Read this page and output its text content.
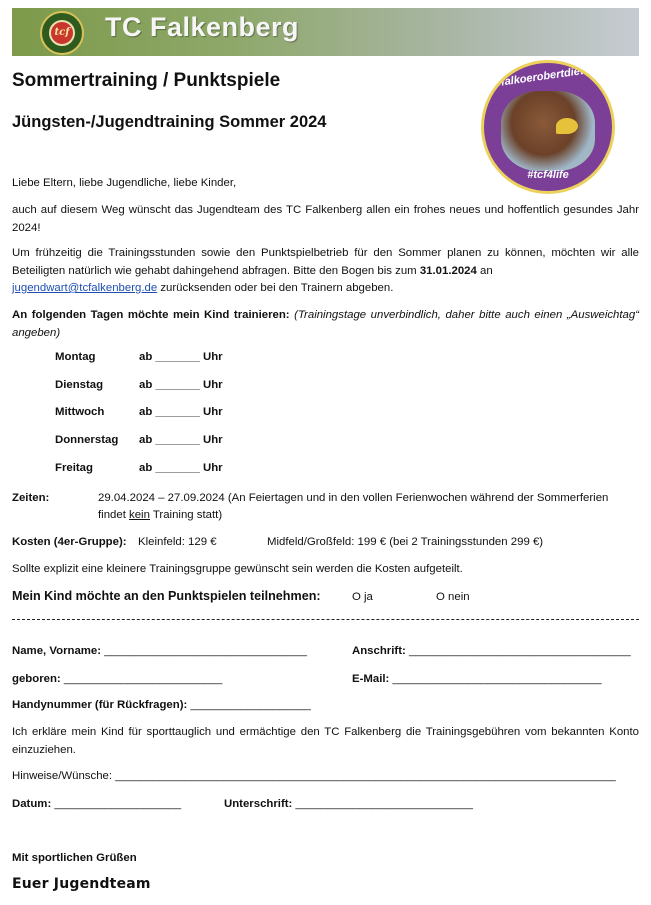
tcf TC Falkenberg
#falkoerobertdiewelt
#tcf4life
Sommertraining / Punktspiele
Jüngsten-/Jugendtraining Sommer 2024
Liebe Eltern, liebe Jugendliche, liebe Kinder,
auch auf diesem Weg wünscht das Jugendteam des TC Falkenberg allen ein frohes neues und hoffentlich gesundes Jahr 2024!
Um frühzeitig die Trainingsstunden sowie den Punktspielbetrieb für den Sommer planen zu können, möchten wir alle Beteiligten natürlich wie gehabt dahingehend abfragen. Bitte den Bogen bis zum 31.01.2024 an
jugendwart@tcfalkenberg.de zurücksenden oder bei den Trainern abgeben.
An folgenden Tagen möchte mein Kind trainieren: (Trainingstage unverbindlich, daher bitte auch einen „Ausweichtag“ angeben)
Montag	ab _______ Uhr
Dienstag	ab _______ Uhr
Mittwoch	ab _______ Uhr
Donnerstag ab _______ Uhr
Freitag	ab _______ Uhr
Zeiten:	29.04.2024 – 27.09.2024 (An Feiertagen und in den vollen Ferienwochen während der Sommerferien
findet kein Training statt)
Kosten (4er-Gruppe): Kleinfeld: 129 €	Midfeld/Großfeld: 199 € (bei 2 Trainingsstunden 299 €)
Sollte explizit eine kleinere Trainingsgruppe gewünscht sein werden die Kosten aufgeteilt.
Mein Kind möchte an den Punktspielen teilnehmen:	O ja	O nein
Name, Vorname: ________________________________	Anschrift: ___________________________________
geboren: _________________________	E-Mail: _________________________________
Handynummer (für Rückfragen): ___________________
Ich erkläre mein Kind für sporttauglich und ermächtige den TC Falkenberg die Trainingsgebühren vom bekannten Konto einzuziehen.
Hinweise/Wünsche: _______________________________________________________________________________
Datum: ____________________	Unterschrift: ____________________________
Mit sportlichen Grüßen
Euer Jugendteam
